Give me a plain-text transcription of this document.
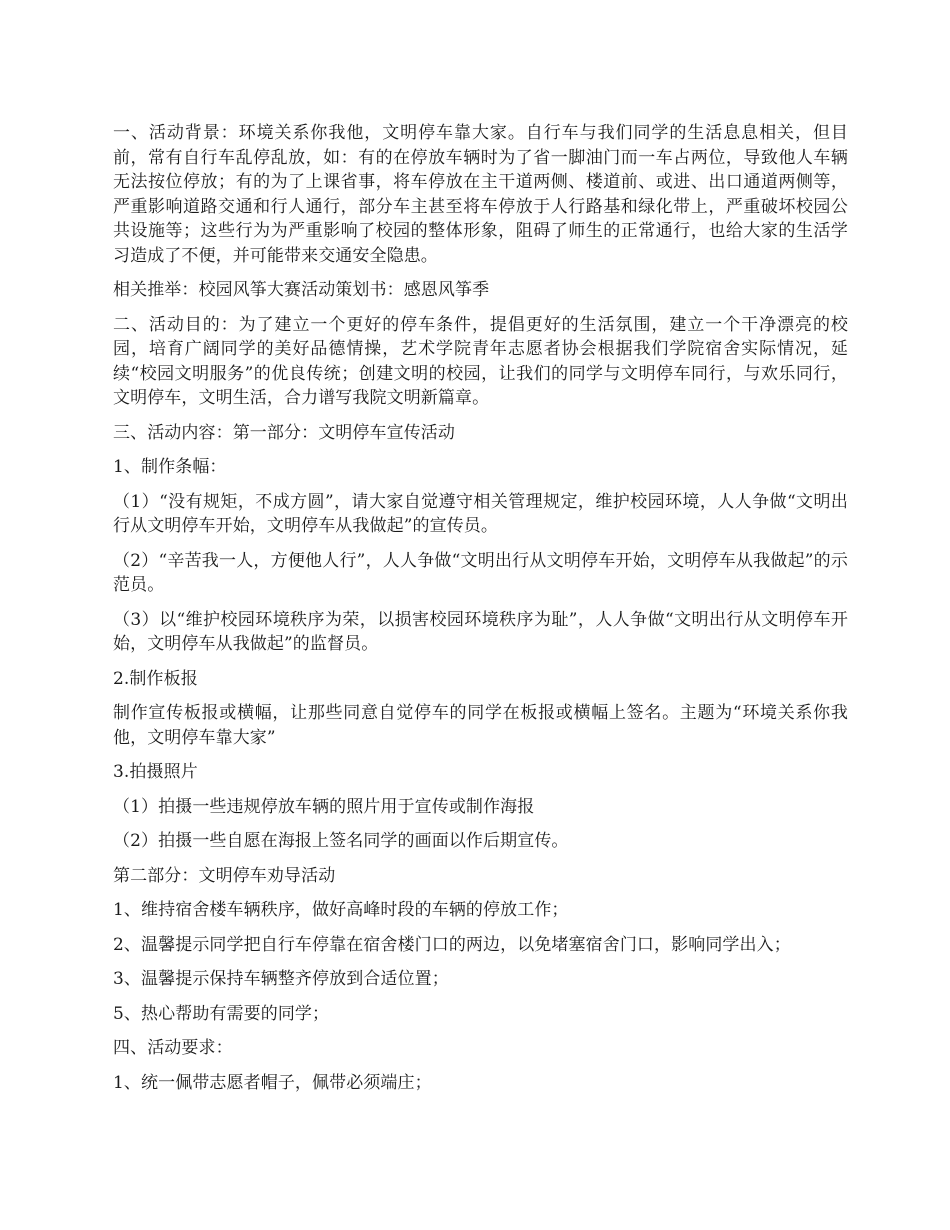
一、活动背景：环境关系你我他，文明停车靠大家。自行车与我们同学的生活息息相关，但目前，常有自行车乱停乱放，如：有的在停放车辆时为了省一脚油门而一车占两位，导致他人车辆无法按位停放；有的为了上课省事，将车停放在主干道两侧、楼道前、或进、出口通道两侧等，严重影响道路交通和行人通行，部分车主甚至将车停放于人行路基和绿化带上，严重破坏校园公共设施等；这些行为为严重影响了校园的整体形象，阻碍了师生的正常通行，也给大家的生活学习造成了不便，并可能带来交通安全隐患。

相关推举：校园风筝大赛活动策划书：感恩风筝季

二、活动目的：为了建立一个更好的停车条件，提倡更好的生活氛围，建立一个干净漂亮的校园，培育广阔同学的美好品德情操，艺术学院青年志愿者协会根据我们学院宿舍实际情况，延续“校园文明服务”的优良传统；创建文明的校园，让我们的同学与文明停车同行，与欢乐同行，文明停车，文明生活，合力谱写我院文明新篇章。

三、活动内容：第一部分：文明停车宣传活动

1、制作条幅：

（1）“没有规矩，不成方圆”，请大家自觉遵守相关管理规定，维护校园环境，人人争做“文明出行从文明停车开始，文明停车从我做起”的宣传员。

（2）“辛苦我一人，方便他人行”，人人争做“文明出行从文明停车开始，文明停车从我做起”的示范员。

（3）以“维护校园环境秩序为荣，以损害校园环境秩序为耻”，人人争做“文明出行从文明停车开始，文明停车从我做起”的监督员。

2.制作板报

制作宣传板报或横幅，让那些同意自觉停车的同学在板报或横幅上签名。主题为“环境关系你我他，文明停车靠大家”

3.拍摄照片

（1）拍摄一些违规停放车辆的照片用于宣传或制作海报

（2）拍摄一些自愿在海报上签名同学的画面以作后期宣传。

第二部分：文明停车劝导活动

1、维持宿舍楼车辆秩序，做好高峰时段的车辆的停放工作；

2、温馨提示同学把自行车停靠在宿舍楼门口的两边，以免堵塞宿舍门口，影响同学出入；

3、温馨提示保持车辆整齐停放到合适位置；

5、热心帮助有需要的同学；

四、活动要求：

1、统一佩带志愿者帽子，佩带必须端庄；
